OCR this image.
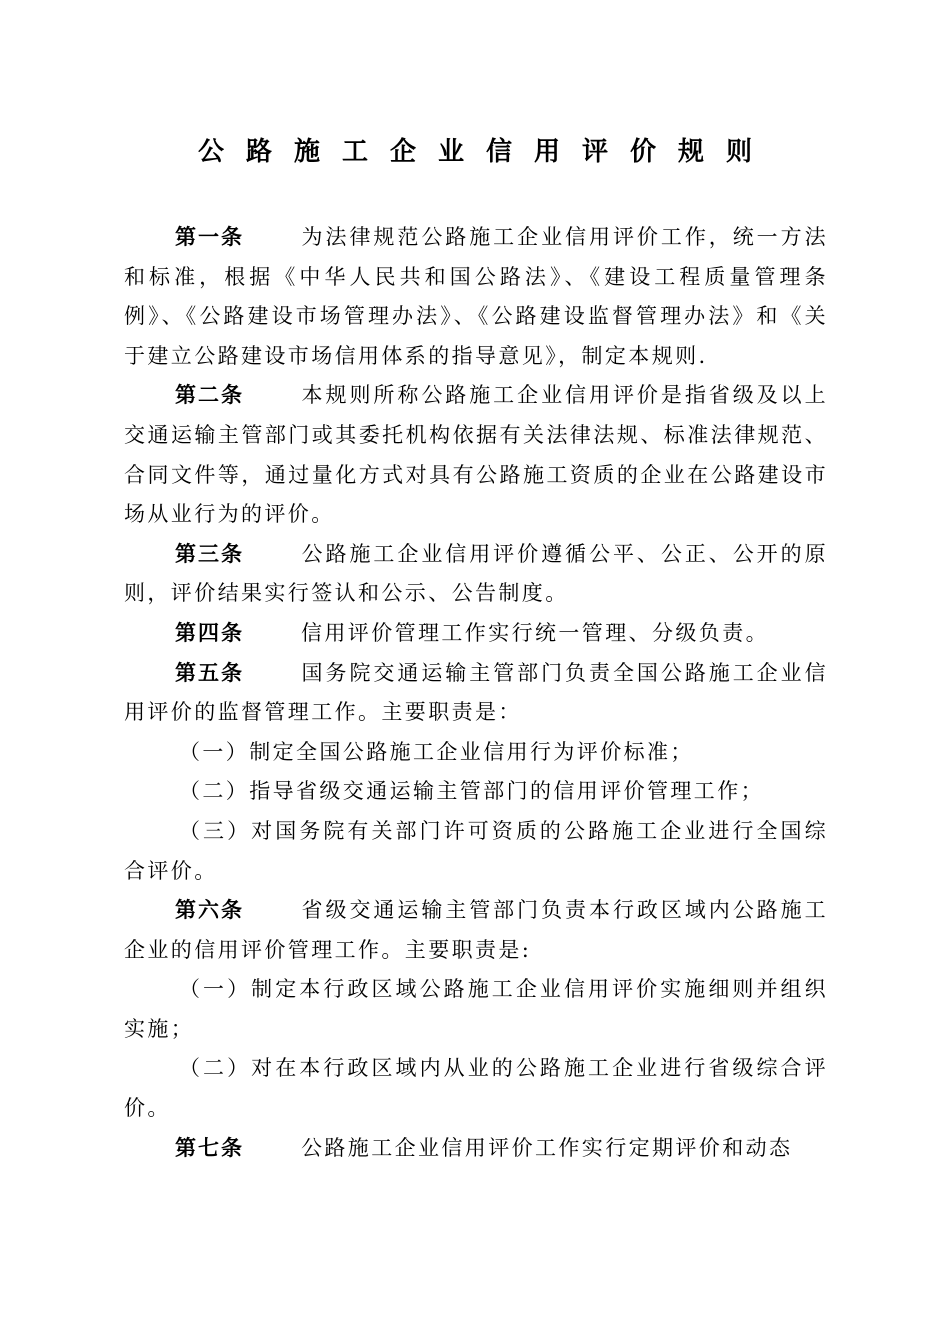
公路施工企业信用评价规则

第一条	为法律规范公路施工企业信用评价工作，统一方法和标准，根据《中华人民共和国公路法》、《建设工程质量管理条例》、《公路建设市场管理办法》、《公路建设监督管理办法》和《关于建立公路建设市场信用体系的指导意见》，制定本规则.

第二条	本规则所称公路施工企业信用评价是指省级及以上交通运输主管部门或其委托机构依据有关法律法规、标准法律规范、合同文件等，通过量化方式对具有公路施工资质的企业在公路建设市场从业行为的评价。

第三条	公路施工企业信用评价遵循公平、公正、公开的原则，评价结果实行签认和公示、公告制度。

第四条	信用评价管理工作实行统一管理、分级负责。

第五条	国务院交通运输主管部门负责全国公路施工企业信用评价的监督管理工作。主要职责是：

（一）制定全国公路施工企业信用行为评价标准；

（二）指导省级交通运输主管部门的信用评价管理工作；

（三）对国务院有关部门许可资质的公路施工企业进行全国综合评价。

第六条	省级交通运输主管部门负责本行政区域内公路施工企业的信用评价管理工作。主要职责是:

（一）制定本行政区域公路施工企业信用评价实施细则并组织实施；

（二）对在本行政区域内从业的公路施工企业进行省级综合评价。

第七条	公路施工企业信用评价工作实行定期评价和动态
